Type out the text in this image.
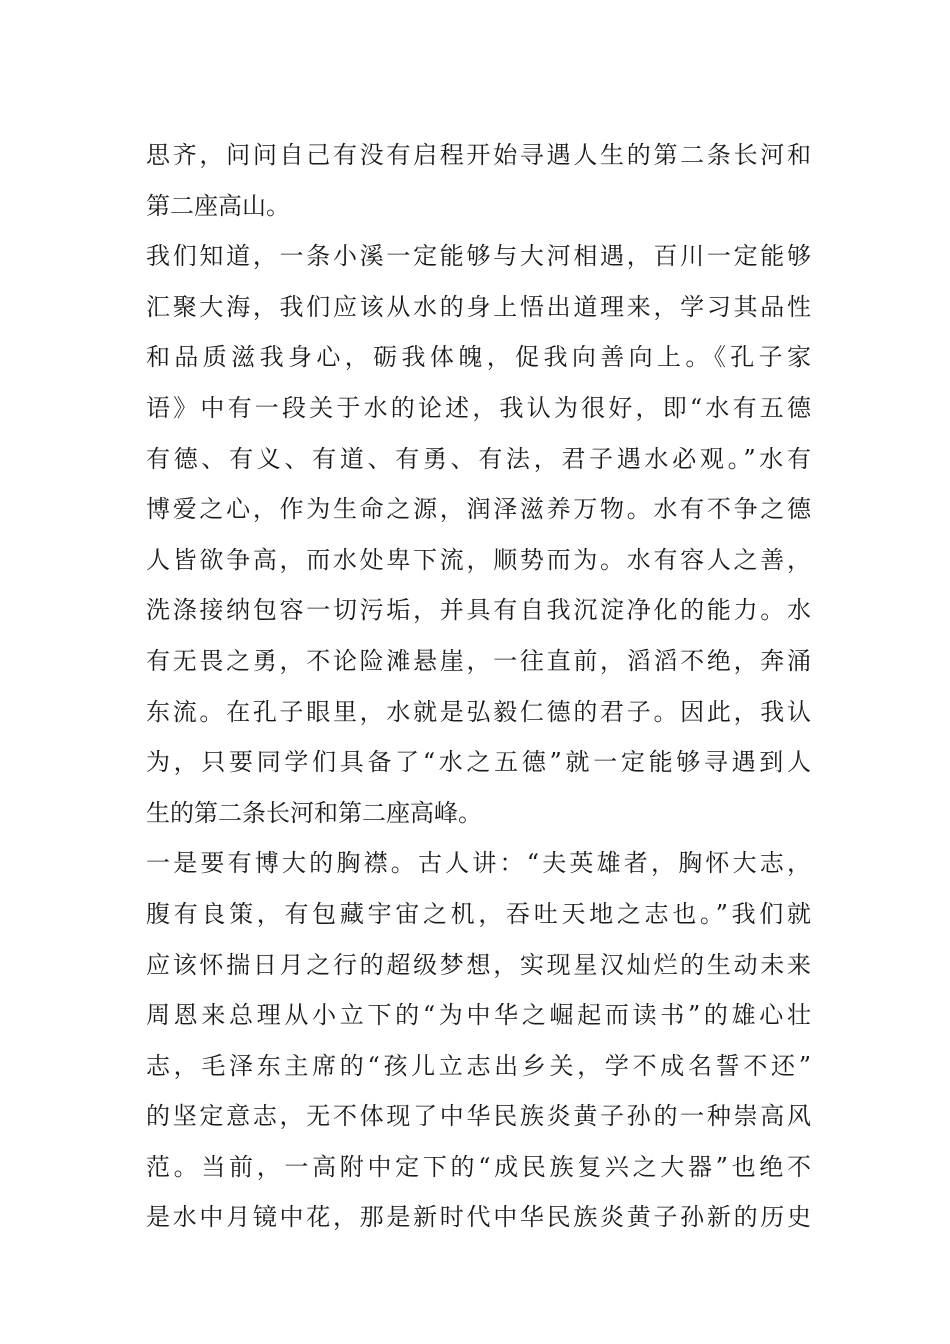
思齐，问问自己有没有启程开始寻遇人生的第二条长河和
第二座高山。
我们知道，一条小溪一定能够与大河相遇，百川一定能够
汇聚大海，我们应该从水的身上悟出道理来，学习其品性
和品质滋我身心，砺我体魄，促我向善向上。《孔子家
语》中有一段关于水的论述，我认为很好，即“水有五德
有德、有义、有道、有勇、有法，君子遇水必观。”水有
博爱之心，作为生命之源，润泽滋养万物。水有不争之德
人皆欲争高，而水处卑下流，顺势而为。水有容人之善，
洗涤接纳包容一切污垢，并具有自我沉淀净化的能力。水
有无畏之勇，不论险滩悬崖，一往直前，滔滔不绝，奔涌
东流。在孔子眼里，水就是弘毅仁德的君子。因此，我认
为，只要同学们具备了“水之五德”就一定能够寻遇到人
生的第二条长河和第二座高峰。
一是要有博大的胸襟。古人讲：“夫英雄者，胸怀大志，
腹有良策，有包藏宇宙之机，吞吐天地之志也。”我们就
应该怀揣日月之行的超级梦想，实现星汉灿烂的生动未来
周恩来总理从小立下的“为中华之崛起而读书”的雄心壮
志，毛泽东主席的“孩儿立志出乡关，学不成名誓不还”
的坚定意志，无不体现了中华民族炎黄子孙的一种崇高风
范。当前，一高附中定下的“成民族复兴之大器”也绝不
是水中月镜中花，那是新时代中华民族炎黄子孙新的历史
